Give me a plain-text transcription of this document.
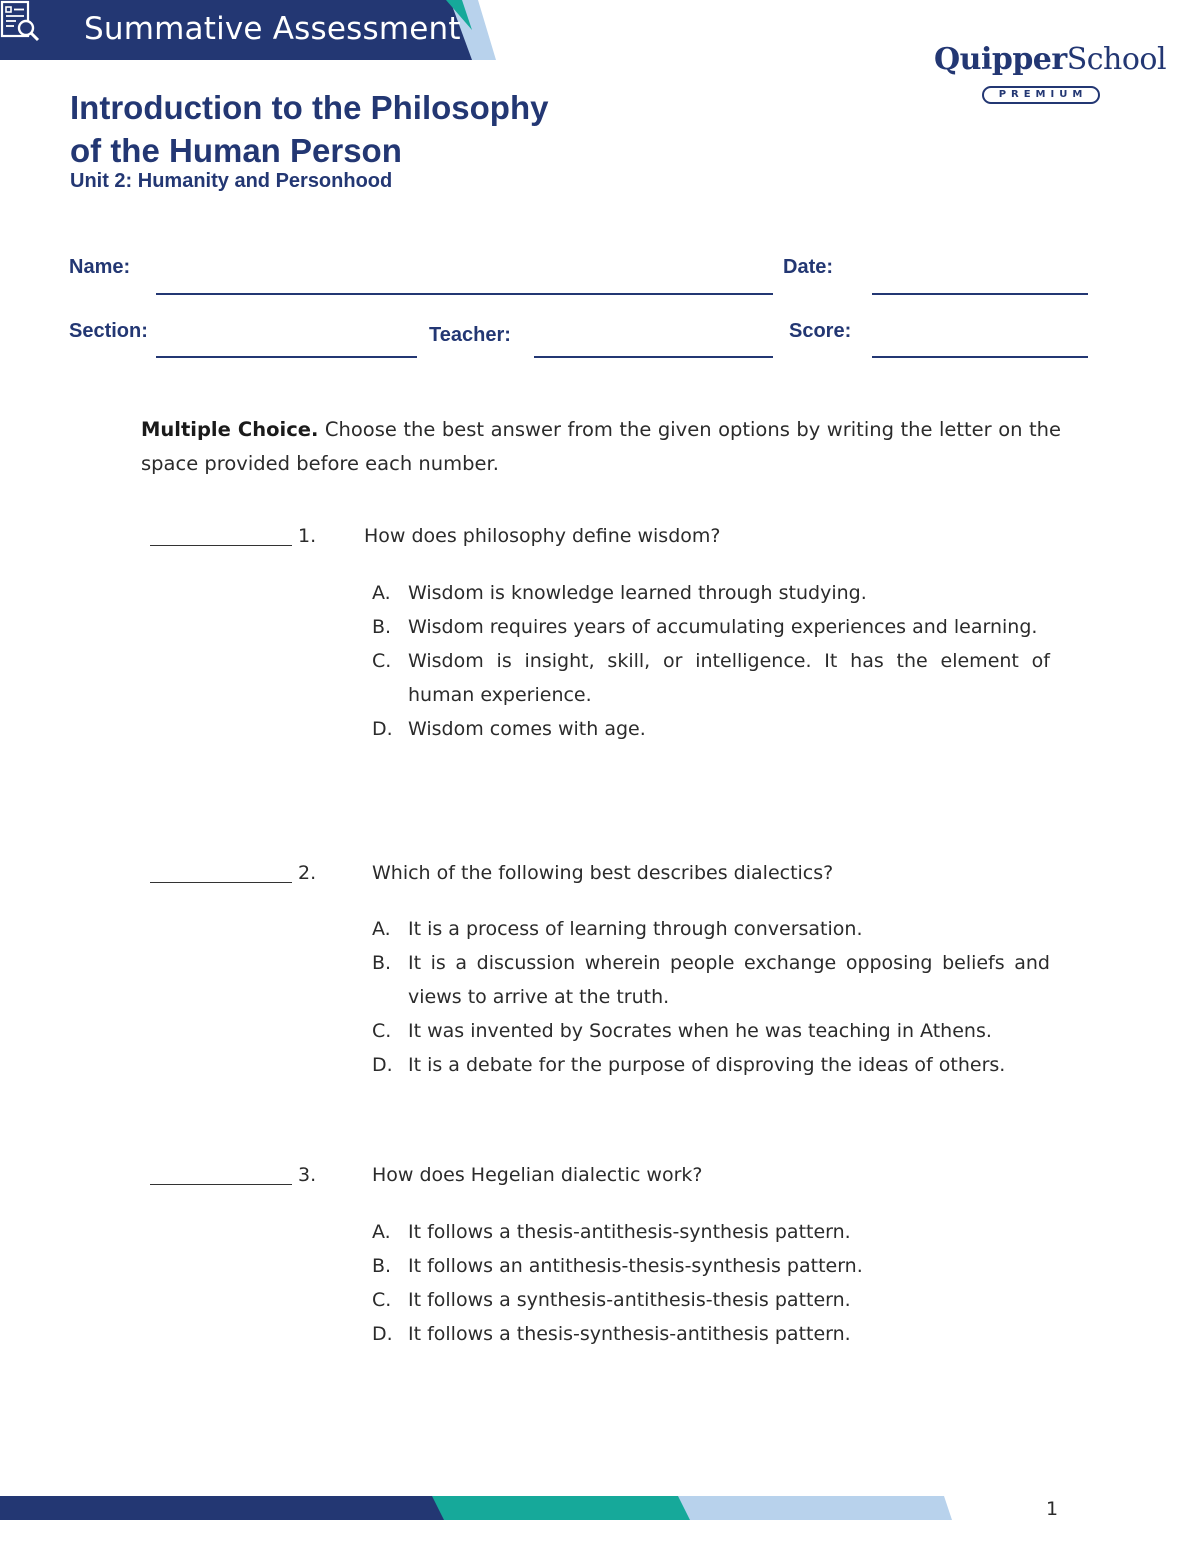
Summative Assessment
QuipperSchool
PREMIUM
Introduction to the Philosophy
of the Human Person
Unit 2: Humanity and Personhood
Name:	Date:
Section:	Teacher:	Score:
Multiple Choice. Choose the best answer from the given options by writing the letter on the space provided before each number.
1.	How does philosophy define wisdom?
A. Wisdom is knowledge learned through studying.
B. Wisdom requires years of accumulating experiences and learning.
C. Wisdom is insight, skill, or intelligence. It has the element of human experience.
D. Wisdom comes with age.
2.	Which of the following best describes dialectics?
A. It is a process of learning through conversation.
B. It is a discussion wherein people exchange opposing beliefs and views to arrive at the truth.
C. It was invented by Socrates when he was teaching in Athens.
D. It is a debate for the purpose of disproving the ideas of others.
3.	How does Hegelian dialectic work?
A. It follows a thesis-antithesis-synthesis pattern.
B. It follows an antithesis-thesis-synthesis pattern.
C. It follows a synthesis-antithesis-thesis pattern.
D. It follows a thesis-synthesis-antithesis pattern.
1
